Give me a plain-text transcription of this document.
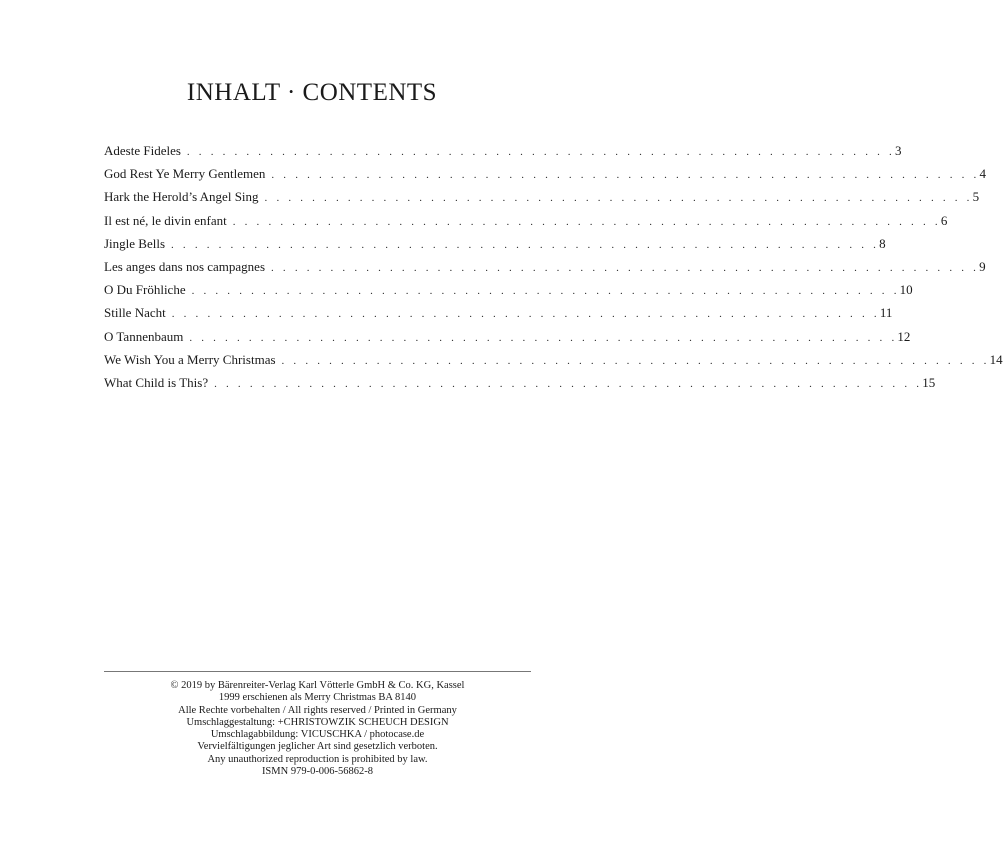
INHALT · CONTENTS
Adeste Fideles . . . . . . . . . . . . . . . . . . . . . . . . . . . . . . . . . . . . . . . . . . . . . . . . . . . . . . . . . . . . 3
God Rest Ye Merry Gentlemen . . . . . . . . . . . . . . . . . . . . . . . . . . . . . . . . . . . . . . . . . . . . . . . . . . . . . . . . . . . . 4
Hark the Herold’s Angel Sing . . . . . . . . . . . . . . . . . . . . . . . . . . . . . . . . . . . . . . . . . . . . . . . . . . . . . . . . . . . . 5
Il est né, le divin enfant . . . . . . . . . . . . . . . . . . . . . . . . . . . . . . . . . . . . . . . . . . . . . . . . . . . . . . . . . . . . 6
Jingle Bells . . . . . . . . . . . . . . . . . . . . . . . . . . . . . . . . . . . . . . . . . . . . . . . . . . . . . . . . . . . . 8
Les anges dans nos campagnes . . . . . . . . . . . . . . . . . . . . . . . . . . . . . . . . . . . . . . . . . . . . . . . . . . . . . . . . . . . . 9
O Du Fröhliche . . . . . . . . . . . . . . . . . . . . . . . . . . . . . . . . . . . . . . . . . . . . . . . . . . . . . . . . . . . . 10
Stille Nacht . . . . . . . . . . . . . . . . . . . . . . . . . . . . . . . . . . . . . . . . . . . . . . . . . . . . . . . . . . . . 11
O Tannenbaum . . . . . . . . . . . . . . . . . . . . . . . . . . . . . . . . . . . . . . . . . . . . . . . . . . . . . . . . . . . . 12
We Wish You a Merry Christmas . . . . . . . . . . . . . . . . . . . . . . . . . . . . . . . . . . . . . . . . . . . . . . . . . . . . . . . . . . . . 14
What Child is This? . . . . . . . . . . . . . . . . . . . . . . . . . . . . . . . . . . . . . . . . . . . . . . . . . . . . . . . . . . . . 15
© 2019 by Bärenreiter-Verlag Karl Vötterle GmbH & Co. KG, Kassel
1999 erschienen als Merry Christmas BA 8140
Alle Rechte vorbehalten / All rights reserved / Printed in Germany
Umschlaggestaltung: +CHRISTOWZIK SCHEUCH DESIGN
Umschlagabbildung: VICUSCHKA / photocase.de
Vervielfältigungen jeglicher Art sind gesetzlich verboten.
Any unauthorized reproduction is prohibited by law.
ISMN 979-0-006-56862-8
